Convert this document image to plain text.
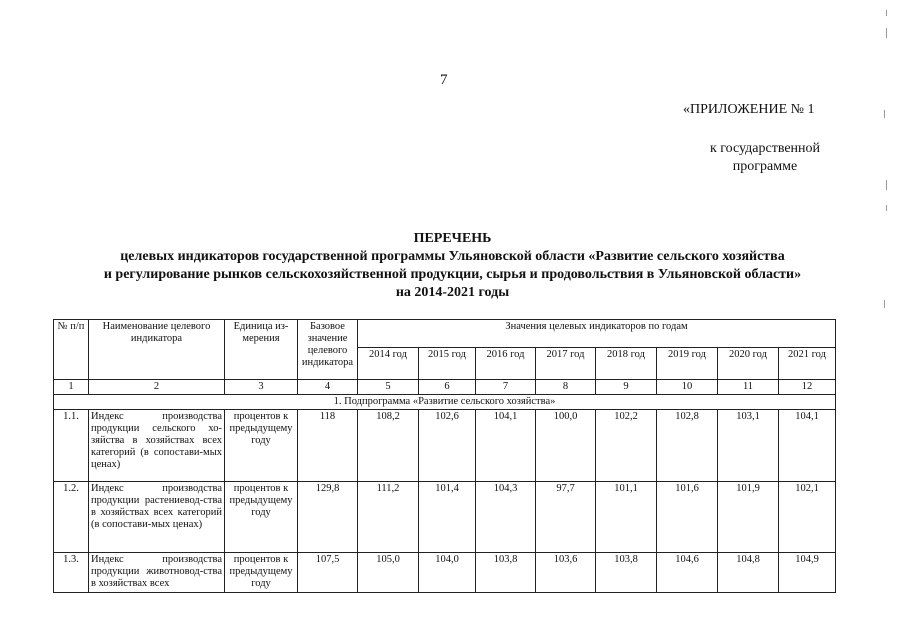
7
«ПРИЛОЖЕНИЕ № 1
к государственной программе
ПЕРЕЧЕНЬ
целевых индикаторов государственной программы Ульяновской области «Развитие сельского хозяйства
и регулирование рынков сельскохозяйственной продукции, сырья и продовольствия в Ульяновской области»
на 2014-2021 годы
№ п/п	Наименование целевого индикатора	Единица из-мерения	Базовое значение целевого индикатора	Значения целевых индикаторов по годам							
				2014 год	2015 год	2016 год	2017 год	2018 год	2019 год	2020 год	2021 год
1	2	3	4	5	6	7	8	9	10	11	12
1. Подпрограмма «Развитие сельского хозяйства»											
1.1.	Индекс производства продукции сельского хо-зяйства в хозяйствах всех категорий (в сопостави-мых ценах)	процентов к предыдущему году	118	108,2	102,6	104,1	100,0	102,2	102,8	103,1	104,1
1.2.	Индекс производства продукции растениевод-ства в хозяйствах всех категорий (в сопостави-мых ценах)	процентов к предыдущему году	129,8	111,2	101,4	104,3	97,7	101,1	101,6	101,9	102,1
1.3.	Индекс производства продукции животновод-ства в хозяйствах всех	процентов к предыдущему году	107,5	105,0	104,0	103,8	103,6	103,8	104,6	104,8	104,9
